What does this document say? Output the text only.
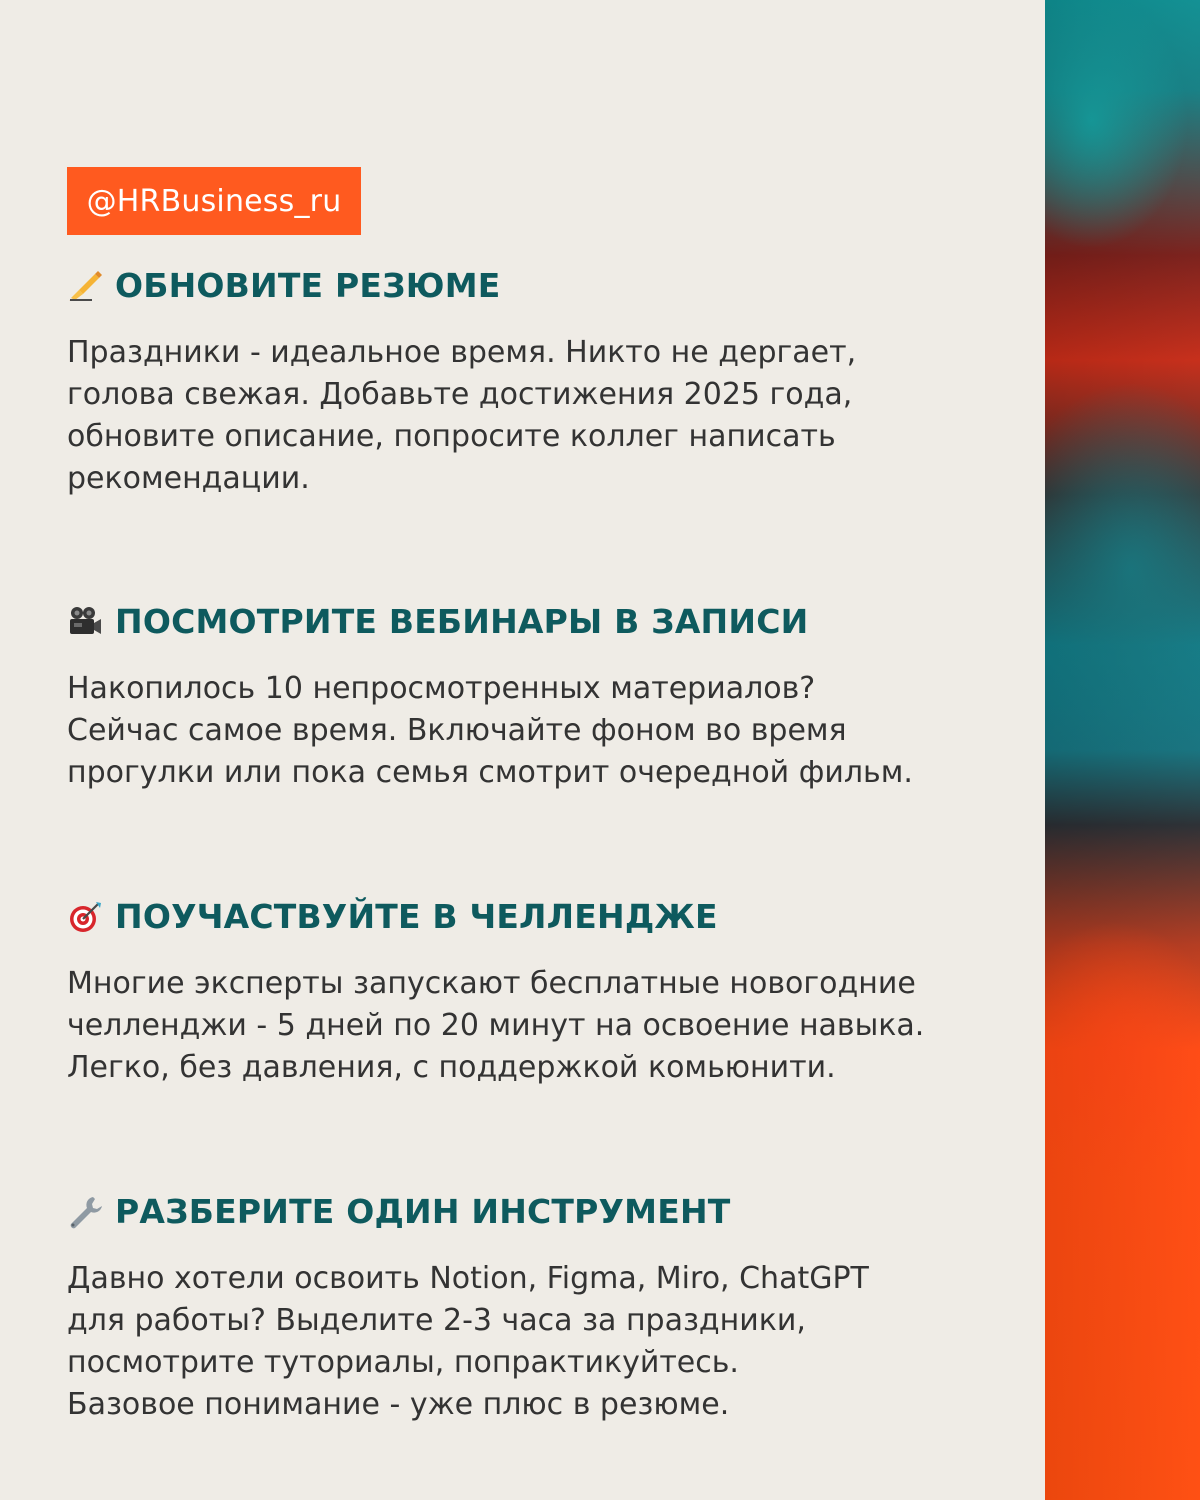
@HRBusiness_ru
ОБНОВИТЕ РЕЗЮМЕ
Праздники - идеальное время. Никто не дергает,
голова свежая. Добавьте достижения 2025 года,
обновите описание, попросите коллег написать
рекомендации.
ПОСМОТРИТЕ ВЕБИНАРЫ В ЗАПИСИ
Накопилось 10 непросмотренных материалов?
Сейчас самое время. Включайте фоном во время
прогулки или пока семья смотрит очередной фильм.
ПОУЧАСТВУЙТЕ В ЧЕЛЛЕНДЖЕ
Многие эксперты запускают бесплатные новогодние
челленджи - 5 дней по 20 минут на освоение навыка.
Легко, без давления, с поддержкой комьюнити.
РАЗБЕРИТЕ ОДИН ИНСТРУМЕНТ
Давно хотели освоить Notion, Figma, Miro, ChatGPT
для работы? Выделите 2-3 часа за праздники,
посмотрите туториалы, попрактикуйтесь.
Базовое понимание - уже плюс в резюме.
